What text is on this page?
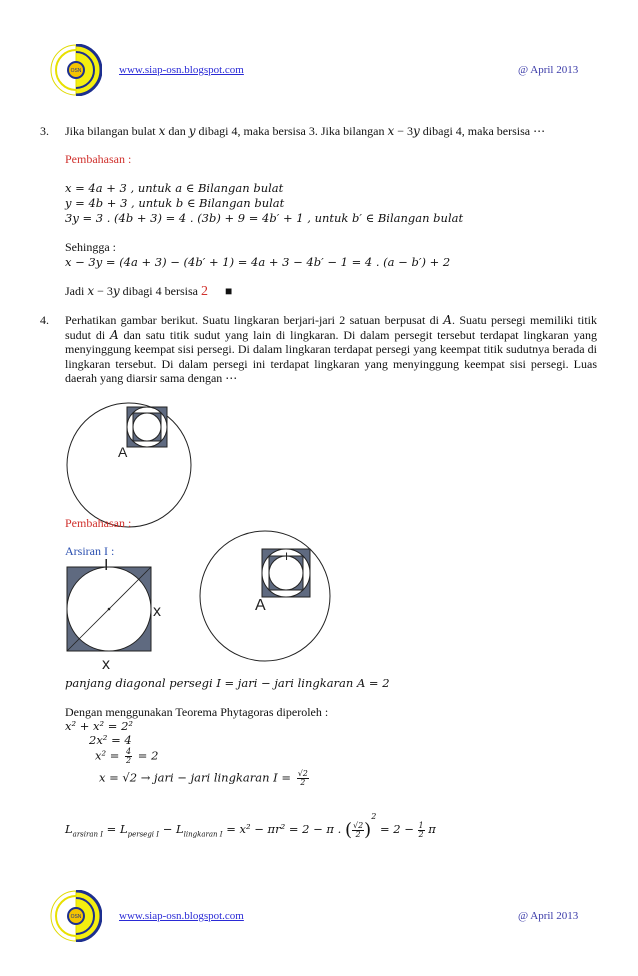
OSN	www.siap-osn.blogspot.com	@ April 2013
3. Jika bilangan bulat 𝑥 dan 𝑦 dibagi 4, maka bersisa 3. Jika bilangan 𝑥 − 3𝑦 dibagi 4, maka bersisa ⋯
Pembahasan :
𝑥 = 4𝑎 + 3 , 𝑢𝑛𝑡𝑢𝑘 𝑎 ∈ 𝐵𝑖𝑙𝑎𝑛𝑔𝑎𝑛 𝑏𝑢𝑙𝑎𝑡
𝑦 = 4𝑏 + 3 , 𝑢𝑛𝑡𝑢𝑘 𝑏 ∈ 𝐵𝑖𝑙𝑎𝑛𝑔𝑎𝑛 𝑏𝑢𝑙𝑎𝑡
3𝑦 = 3 . (4𝑏 + 3) = 4 . (3𝑏) + 9 = 4𝑏′ + 1 , 𝑢𝑛𝑡𝑢𝑘 𝑏′ ∈ 𝐵𝑖𝑙𝑎𝑛𝑔𝑎𝑛 𝑏𝑢𝑙𝑎𝑡
Sehingga :
𝑥 − 3𝑦 = (4𝑎 + 3) − (4𝑏′ + 1) = 4𝑎 + 3 − 4𝑏′ − 1 = 4 . (𝑎 − 𝑏′) + 2
Jadi 𝑥 − 3𝑦 dibagi 4 bersisa 2 ■
4. Perhatikan gambar berikut. Suatu lingkaran berjari-jari 2 satuan berpusat di 𝐴. Suatu persegi memiliki titik sudut di 𝐴 dan satu titik sudut yang lain di lingkaran. Di dalam persegit tersebut terdapat lingkaran yang menyinggung keempat sisi persegi. Di dalam lingkaran terdapat persegi yang keempat titik sudutnya berada di lingkaran tersebut. Di dalam persegi ini terdapat lingkaran yang menyinggung keempat sisi persegi. Luas daerah yang diarsir sama dengan ⋯
A
Pembahasan :
Arsiran I :
I
x
x
I
A
𝑝𝑎𝑛𝑗𝑎𝑛𝑔 𝑑𝑖𝑎𝑔𝑜𝑛𝑎𝑙 𝑝𝑒𝑟𝑠𝑒𝑔𝑖 𝐼 = 𝑗𝑎𝑟𝑖 − 𝑗𝑎𝑟𝑖 𝑙𝑖𝑛𝑔𝑘𝑎𝑟𝑎𝑛 𝐴 = 2
Dengan menggunakan Teorema Phytagoras diperoleh :
𝑥² + 𝑥² = 2²
2𝑥² = 4
𝑥² = $\frac{4}{2} = 2$
𝑥 = √2 → 𝑗𝑎𝑟𝑖 − 𝑗𝑎𝑟𝑖 𝑙𝑖𝑛𝑔𝑘𝑎𝑟𝑎𝑛 𝐼 = $\frac{√2}{2}$
𝐿$_{𝑎𝑟𝑠𝑖𝑟𝑎𝑛 𝐼}$ = 𝐿$_{𝑝𝑒𝑟𝑠𝑒𝑔𝑖 𝐼}$ − 𝐿$_{𝑙𝑖𝑛𝑔𝑘𝑎𝑟𝑎𝑛 𝐼}$ = 𝑥² − 𝜋𝑟² = 2 − 𝜋 . ( $\frac{√2}{2} )^2 = 2 - \frac{1}{2}$ 𝜋
OSN	www.siap-osn.blogspot.com	@ April 2013
